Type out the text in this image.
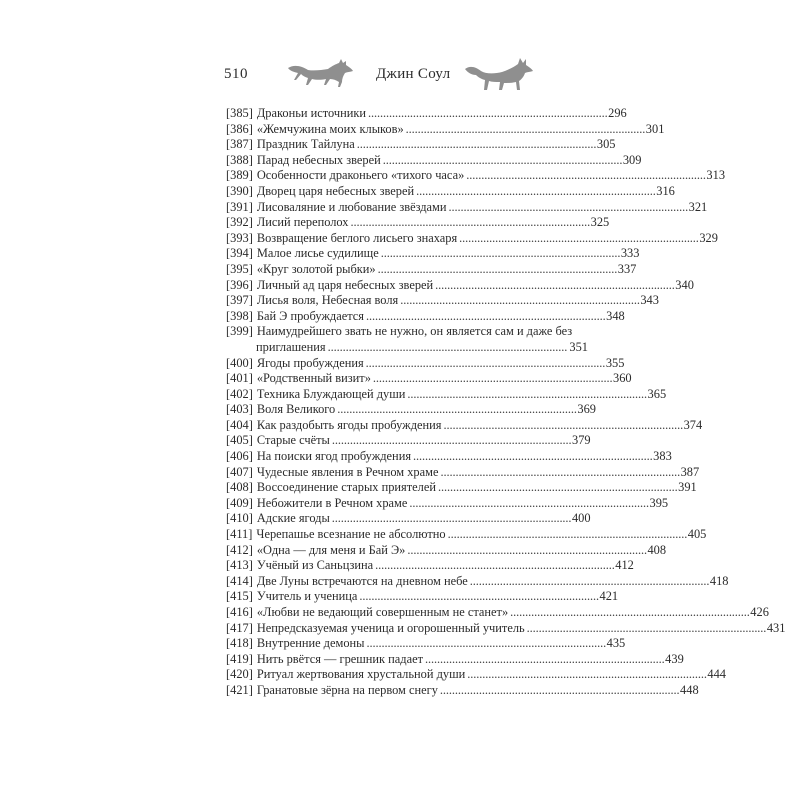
510	Джин Соул
[385] Драконьи источники . . .	296
[386] «Жемчужина моих клыков» . . .	301
[387] Праздник Тайлуна . . .	305
[388] Парад небесных зверей . . .	309
[389] Особенности драконьего «тихого часа» . . .	313
[390] Дворец царя небесных зверей . . .	316
[391] Лисоваляние и любование звёздами . . .	321
[392] Лисий переполох . . .	325
[393] Возвращение беглого лисьего знахаря . . .	329
[394] Малое лисье судилище . . .	333
[395] «Круг золотой рыбки» . . .	337
[396] Личный ад царя небесных зверей . . .	340
[397] Лисья воля, Небесная воля . . .	343
[398] Бай Э пробуждается . . .	348
[399] Наимудрейшего звать не нужно, он является сам и даже без
приглашения . . .	351
[400] Ягоды пробуждения . . .	355
[401] «Родственный визит» . . .	360
[402] Техника Блуждающей души . . .	365
[403] Воля Великого . . .	369
[404] Как раздобыть ягоды пробуждения . . .	374
[405] Старые счёты . . .	379
[406] На поиски ягод пробуждения . . .	383
[407] Чудесные явления в Речном храме . . .	387
[408] Воссоединение старых приятелей . . .	391
[409] Небожители в Речном храме . . .	395
[410] Адские ягоды . . .	400
[411] Черепашье всезнание не абсолютно . . .	405
[412] «Одна — для меня и Бай Э» . . .	408
[413] Учёный из Саньцзина . . .	412
[414] Две Луны встречаются на дневном небе . . .	418
[415] Учитель и ученица . . .	421
[416] «Любви не ведающий совершенным не станет» . . .	426
[417] Непредсказуемая ученица и огорошенный учитель . . .	431
[418] Внутренние демоны . . .	435
[419] Нить рвётся — грешник падает . . .	439
[420] Ритуал жертвования хрустальной души . . .	444
[421] Гранатовые зёрна на первом снегу . . .	448
